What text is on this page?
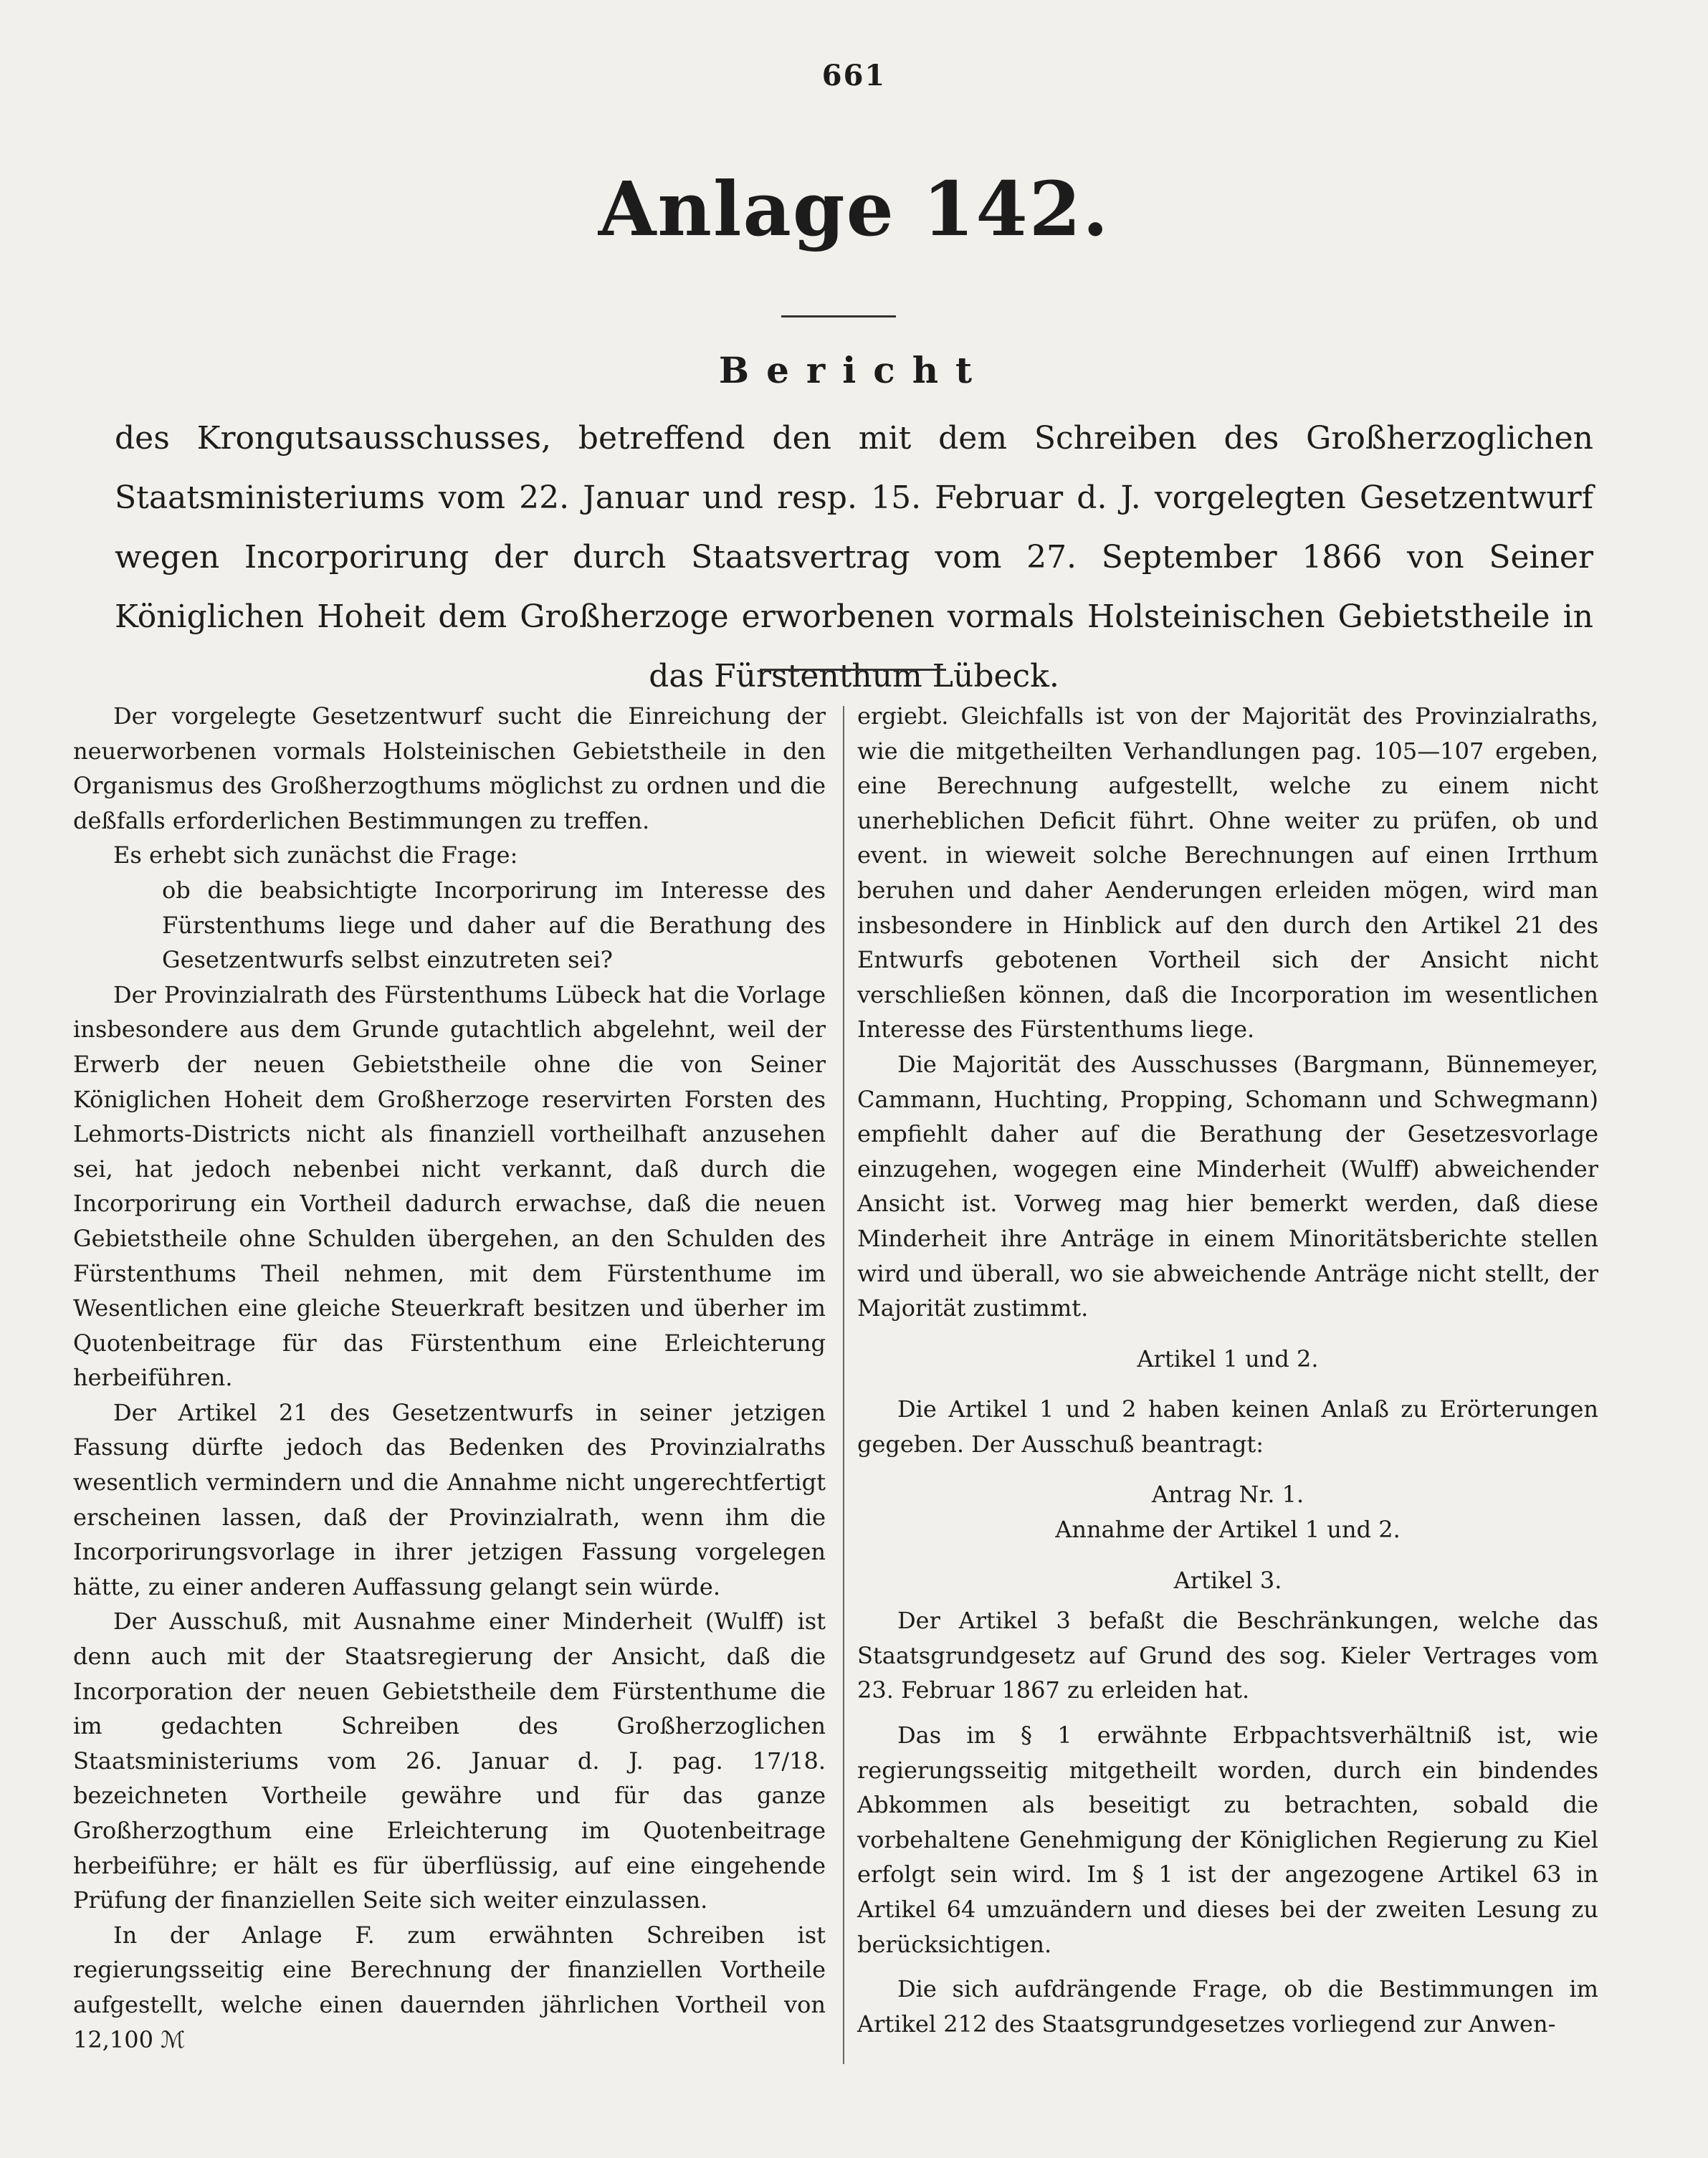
661
Anlage 142.
Bericht

des Krongutsausschusses, betreffend den mit dem Schreiben des Großherzoglichen Staatsministeriums vom 22. Januar und resp. 15. Februar d. J. vorgelegten Gesetzentwurf wegen Incorporirung der durch Staatsvertrag vom 27. September 1866 von Seiner Königlichen Hoheit dem Großherzoge erworbenen vormals Holsteinischen Gebietstheile in das Fürstenthum Lübeck.

Der vorgelegte Gesetzentwurf sucht die Einreichung der neuerworbenen vormals Holsteinischen Gebietstheile in den Organismus des Großherzogthums möglichst zu ordnen und die deßfalls erforderlichen Bestimmungen zu treffen.

Es erhebt sich zunächst die Frage:

ob die beabsichtigte Incorporirung im Interesse des Fürstenthums liege und daher auf die Berathung des Gesetzentwurfs selbst einzutreten sei?

Der Provinzialrath des Fürstenthums Lübeck hat die Vorlage insbesondere aus dem Grunde gutachtlich abgelehnt, weil der Erwerb der neuen Gebietstheile ohne die von Seiner Königlichen Hoheit dem Großherzoge reservirten Forsten des Lehmorts-Districts nicht als finanziell vortheilhaft anzusehen sei, hat jedoch nebenbei nicht verkannt, daß durch die Incorporirung ein Vortheil dadurch erwachse, daß die neuen Gebietstheile ohne Schulden übergehen, an den Schulden des Fürstenthums Theil nehmen, mit dem Fürstenthume im Wesentlichen eine gleiche Steuerkraft besitzen und überher im Quotenbeitrage für das Fürstenthum eine Erleichterung herbeiführen.

Der Artikel 21 des Gesetzentwurfs in seiner jetzigen Fassung dürfte jedoch das Bedenken des Provinzialraths wesentlich vermindern und die Annahme nicht ungerechtfertigt erscheinen lassen, daß der Provinzialrath, wenn ihm die Incorporirungsvorlage in ihrer jetzigen Fassung vorgelegen hätte, zu einer anderen Auffassung gelangt sein würde.

Der Ausschuß, mit Ausnahme einer Minderheit (Wulff) ist denn auch mit der Staatsregierung der Ansicht, daß die Incorporation der neuen Gebietstheile dem Fürstenthume die im gedachten Schreiben des Großherzoglichen Staatsministeriums vom 26. Januar d. J. pag. 17/18. bezeichneten Vortheile gewähre und für das ganze Großherzogthum eine Erleichterung im Quotenbeitrage herbeiführe; er hält es für überflüssig, auf eine eingehende Prüfung der finanziellen Seite sich weiter einzulassen.

In der Anlage F. zum erwähnten Schreiben ist regierungsseitig eine Berechnung der finanziellen Vortheile aufgestellt, welche einen dauernden jährlichen Vortheil von 12,100 ℳ

ergiebt. Gleichfalls ist von der Majorität des Provinzialraths, wie die mitgetheilten Verhandlungen pag. 105—107 ergeben, eine Berechnung aufgestellt, welche zu einem nicht unerheblichen Deficit führt. Ohne weiter zu prüfen, ob und event. in wieweit solche Berechnungen auf einen Irrthum beruhen und daher Aenderungen erleiden mögen, wird man insbesondere in Hinblick auf den durch den Artikel 21 des Entwurfs gebotenen Vortheil sich der Ansicht nicht verschließen können, daß die Incorporation im wesentlichen Interesse des Fürstenthums liege.

Die Majorität des Ausschusses (Bargmann, Bünnemeyer, Cammann, Huchting, Propping, Schomann und Schwegmann) empfiehlt daher auf die Berathung der Gesetzesvorlage einzugehen, wogegen eine Minderheit (Wulff) abweichender Ansicht ist. Vorweg mag hier bemerkt werden, daß diese Minderheit ihre Anträge in einem Minoritätsberichte stellen wird und überall, wo sie abweichende Anträge nicht stellt, der Majorität zustimmt.

Artikel 1 und 2.

Die Artikel 1 und 2 haben keinen Anlaß zu Erörterungen gegeben. Der Ausschuß beantragt:

Antrag Nr. 1.

Annahme der Artikel 1 und 2.

Artikel 3.

Der Artikel 3 befaßt die Beschränkungen, welche das Staatsgrundgesetz auf Grund des sog. Kieler Vertrages vom 23. Februar 1867 zu erleiden hat.

Das im § 1 erwähnte Erbpachtsverhältniß ist, wie regierungsseitig mitgetheilt worden, durch ein bindendes Abkommen als beseitigt zu betrachten, sobald die vorbehaltene Genehmigung der Königlichen Regierung zu Kiel erfolgt sein wird. Im § 1 ist der angezogene Artikel 63 in Artikel 64 umzuändern und dieses bei der zweiten Lesung zu berücksichtigen.

Die sich aufdrängende Frage, ob die Bestimmungen im Artikel 212 des Staatsgrundgesetzes vorliegend zur Anwen-
